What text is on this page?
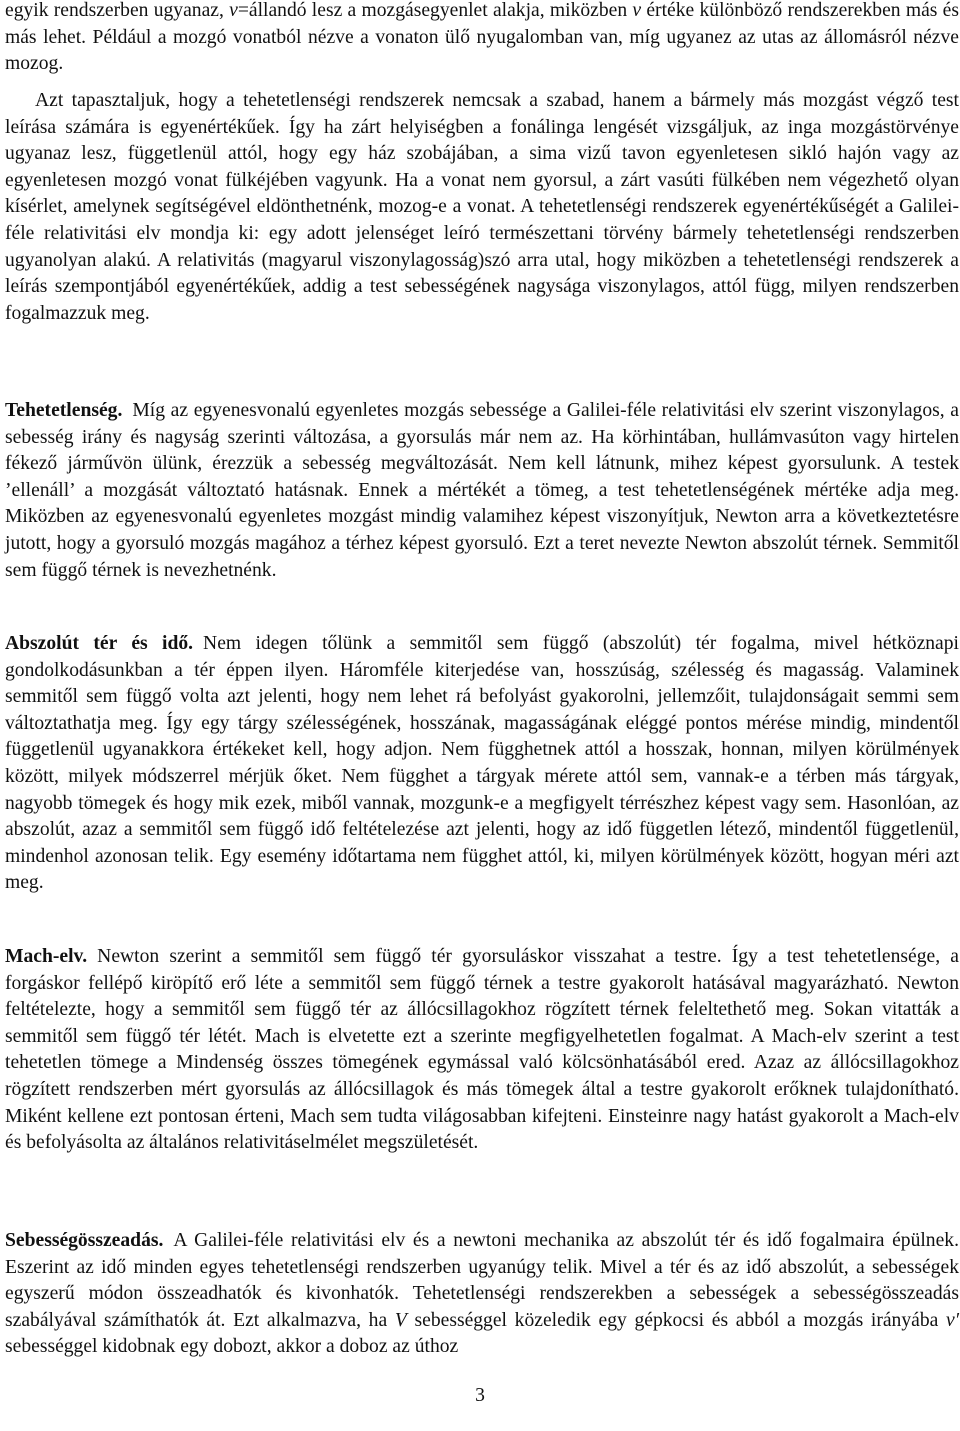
egyik rendszerben ugyanaz, v=állandó lesz a mozgásegyenlet alakja, miközben v értéke különböző rendszerekben más és más lehet. Például a mozgó vonatból nézve a vonaton ülő nyugalomban van, míg ugyanez az utas az állomásról nézve mozog.

Azt tapasztaljuk, hogy a tehetetlenségi rendszerek nemcsak a szabad, hanem a bármely más mozgást végző test leírása számára is egyenértékűek. Így ha zárt helyiségben a fonálinga lengését vizsgáljuk, az inga mozgástörvénye ugyanaz lesz, függetlenül attól, hogy egy ház szobájában, a sima vizű tavon egyenletesen sikló hajón vagy az egyenletesen mozgó vonat fülkéjében vagyunk. Ha a vonat nem gyorsul, a zárt vasúti fülkében nem végezhető olyan kísérlet, amelynek segítségével eldönthetnénk, mozog-e a vonat. A tehetetlenségi rendszerek egyenértékűségét a Galilei-féle relativitási elv mondja ki: egy adott jelenséget leíró természettani törvény bármely tehetetlenségi rendszerben ugyanolyan alakú. A relativitás (magyarul viszonylagosság)szó arra utal, hogy miközben a tehetetlenségi rendszerek a leírás szempontjából egyenértékűek, addig a test sebességének nagysága viszonylagos, attól függ, milyen rendszerben fogalmazzuk meg.

Tehetetlenség. Míg az egyenesvonalú egyenletes mozgás sebessége a Galilei-féle relativitási elv szerint viszonylagos, a sebesség irány és nagyság szerinti változása, a gyorsulás már nem az. Ha körhintában, hullámvasúton vagy hirtelen fékező járművön ülünk, érezzük a sebesség megváltozását. Nem kell látnunk, mihez képest gyorsulunk. A testek ’ellenáll’ a mozgását változtató hatásnak. Ennek a mértékét a tömeg, a test tehetetlenségének mértéke adja meg. Miközben az egyenesvonalú egyenletes mozgást mindig valamihez képest viszonyítjuk, Newton arra a következtetésre jutott, hogy a gyorsuló mozgás magához a térhez képest gyorsuló. Ezt a teret nevezte Newton abszolút térnek. Semmitől sem függő térnek is nevezhetnénk.

Abszolút tér és idő. Nem idegen tőlünk a semmitől sem függő (abszolút) tér fogalma, mivel hétköznapi gondolkodásunkban a tér éppen ilyen. Háromféle kiterjedése van, hosszúság, szélesség és magasság. Valaminek semmitől sem függő volta azt jelenti, hogy nem lehet rá befolyást gyakorolni, jellemzőit, tulajdonságait semmi sem változtathatja meg. Így egy tárgy szélességének, hosszának, magasságának eléggé pontos mérése mindig, mindentől függetlenül ugyanakkora értékeket kell, hogy adjon. Nem függhetnek attól a hosszak, honnan, milyen körülmények között, milyek módszerrel mérjük őket. Nem függhet a tárgyak mérete attól sem, vannak-e a térben más tárgyak, nagyobb tömegek és hogy mik ezek, miből vannak, mozgunk-e a megfigyelt térrészhez képest vagy sem. Hasonlóan, az abszolút, azaz a semmitől sem függő idő feltételezése azt jelenti, hogy az idő független létező, mindentől függetlenül, mindenhol azonosan telik. Egy esemény időtartama nem függhet attól, ki, milyen körülmények között, hogyan méri azt meg.

Mach-elv. Newton szerint a semmitől sem függő tér gyorsuláskor visszahat a testre. Így a test tehetetlensége, a forgáskor fellépő kiröpítő erő léte a semmitől sem függő térnek a testre gyakorolt hatásával magyarázható. Newton feltételezte, hogy a semmitől sem függő tér az állócsillagokhoz rögzített térnek feleltethető meg. Sokan vitatták a semmitől sem függő tér létét. Mach is elvetette ezt a szerinte megfigyelhetetlen fogalmat. A Mach-elv szerint a test tehetetlen tömege a Mindenség összes tömegének egymással való kölcsönhatásából ered. Azaz az állócsillagokhoz rögzített rendszerben mért gyorsulás az állócsillagok és más tömegek által a testre gyakorolt erőknek tulajdonítható. Miként kellene ezt pontosan érteni, Mach sem tudta világosabban kifejteni. Einsteinre nagy hatást gyakorolt a Mach-elv és befolyásolta az általános relativitáselmélet megszületését.

Sebességösszeadás. A Galilei-féle relativitási elv és a newtoni mechanika az abszolút tér és idő fogalmaira épülnek. Eszerint az idő minden egyes tehetetlenségi rendszerben ugyanúgy telik. Mivel a tér és az idő abszolút, a sebességek egyszerű módon összeadhatók és kivonhatók. Tehetetlenségi rendszerekben a sebességek a sebességösszeadás szabályával számíthatók át. Ezt alkalmazva, ha V sebességgel közeledik egy gépkocsi és abból a mozgás irányába v′ sebességgel kidobnak egy dobozt, akkor a doboz az úthoz

3
